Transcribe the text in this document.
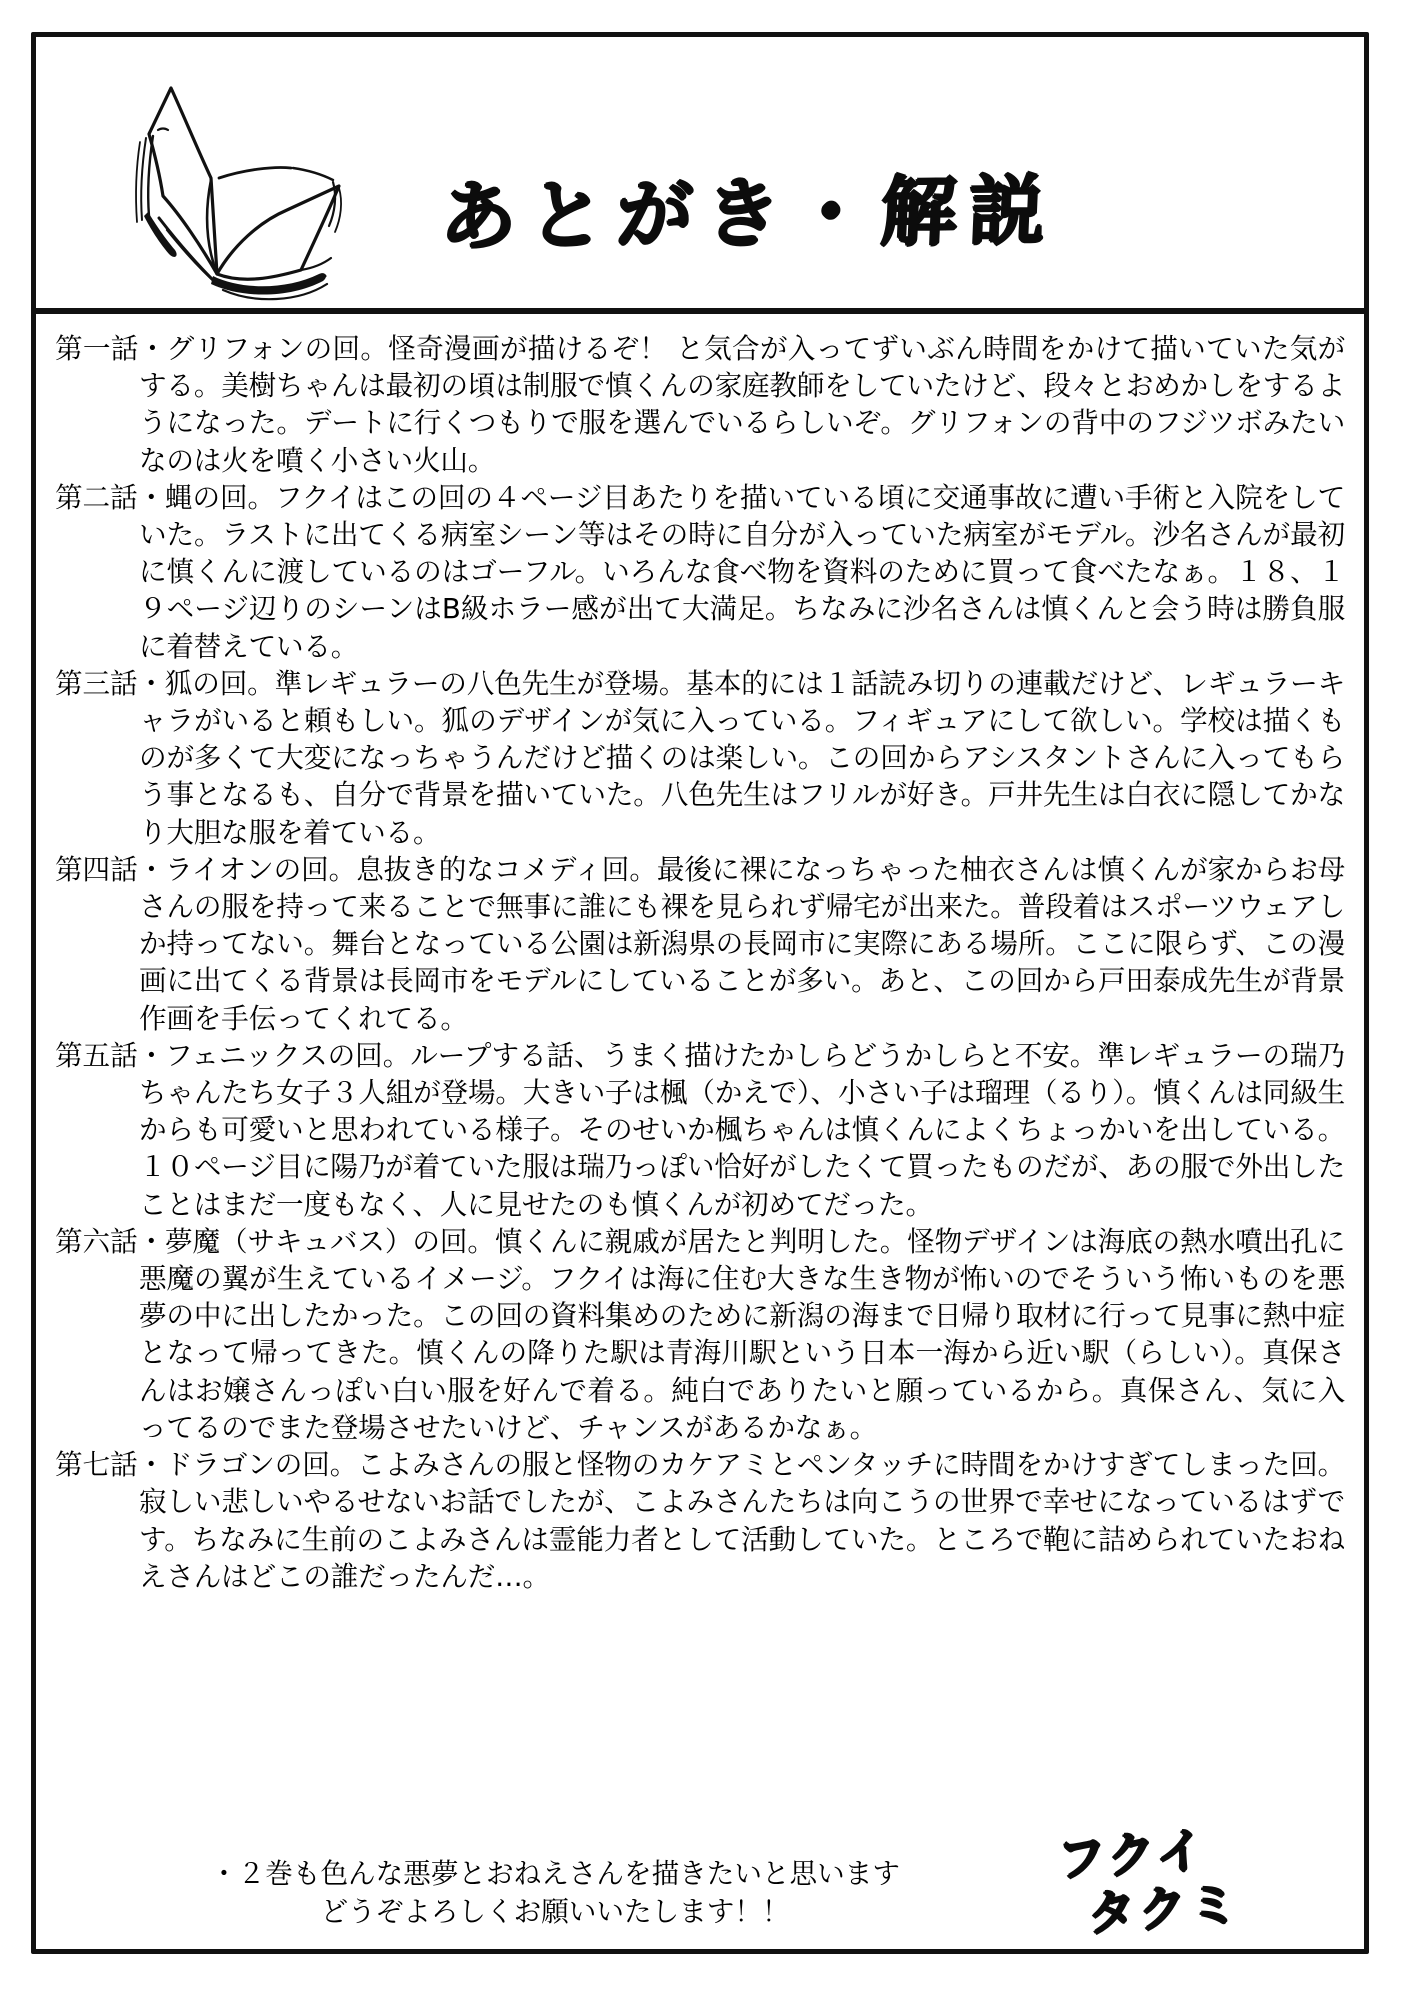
あとがき・解説

第一話・グリフォンの回。怪奇漫画が描けるぞ！ と気合が入ってずいぶん時間をかけて描いていた気がする。美樹ちゃんは最初の頃は制服で慎くんの家庭教師をしていたけど、段々とおめかしをするようになった。デートに行くつもりで服を選んでいるらしいぞ。グリフォンの背中のフジツボみたいなのは火を噴く小さい火山。

第二話・蝿の回。フクイはこの回の４ページ目あたりを描いている頃に交通事故に遭い手術と入院をしていた。ラストに出てくる病室シーン等はその時に自分が入っていた病室がモデル。沙名さんが最初に慎くんに渡しているのはゴーフル。いろんな食べ物を資料のために買って食べたなぁ。１８、１９ページ辺りのシーンはB級ホラー感が出て大満足。ちなみに沙名さんは慎くんと会う時は勝負服に着替えている。

第三話・狐の回。準レギュラーの八色先生が登場。基本的には１話読み切りの連載だけど、レギュラーキャラがいると頼もしい。狐のデザインが気に入っている。フィギュアにして欲しい。学校は描くものが多くて大変になっちゃうんだけど描くのは楽しい。この回からアシスタントさんに入ってもらう事となるも、自分で背景を描いていた。八色先生はフリルが好き。戸井先生は白衣に隠してかなり大胆な服を着ている。

第四話・ライオンの回。息抜き的なコメディ回。最後に裸になっちゃった柚衣さんは慎くんが家からお母さんの服を持って来ることで無事に誰にも裸を見られず帰宅が出来た。普段着はスポーツウェアしか持ってない。舞台となっている公園は新潟県の長岡市に実際にある場所。ここに限らず、この漫画に出てくる背景は長岡市をモデルにしていることが多い。あと、この回から戸田泰成先生が背景作画を手伝ってくれてる。

第五話・フェニックスの回。ループする話、うまく描けたかしらどうかしらと不安。準レギュラーの瑞乃ちゃんたち女子３人組が登場。大きい子は楓（かえで）、小さい子は瑠理（るり）。慎くんは同級生からも可愛いと思われている様子。そのせいか楓ちゃんは慎くんによくちょっかいを出している。１０ページ目に陽乃が着ていた服は瑞乃っぽい恰好がしたくて買ったものだが、あの服で外出したことはまだ一度もなく、人に見せたのも慎くんが初めてだった。

第六話・夢魔（サキュバス）の回。慎くんに親戚が居たと判明した。怪物デザインは海底の熱水噴出孔に悪魔の翼が生えているイメージ。フクイは海に住む大きな生き物が怖いのでそういう怖いものを悪夢の中に出したかった。この回の資料集めのために新潟の海まで日帰り取材に行って見事に熱中症となって帰ってきた。慎くんの降りた駅は青海川駅という日本一海から近い駅（らしい）。真保さんはお嬢さんっぽい白い服を好んで着る。純白でありたいと願っているから。真保さん、気に入ってるのでまた登場させたいけど、チャンスがあるかなぁ。

第七話・ドラゴンの回。こよみさんの服と怪物のカケアミとペンタッチに時間をかけすぎてしまった回。寂しい悲しいやるせないお話でしたが、こよみさんたちは向こうの世界で幸せになっているはずです。ちなみに生前のこよみさんは霊能力者として活動していた。ところで鞄に詰められていたおねえさんはどこの誰だったんだ…。

・２巻も色んな悪夢とおねえさんを描きたいと思います
どうぞよろしくお願いいたします！！
フクイ
タクミ
